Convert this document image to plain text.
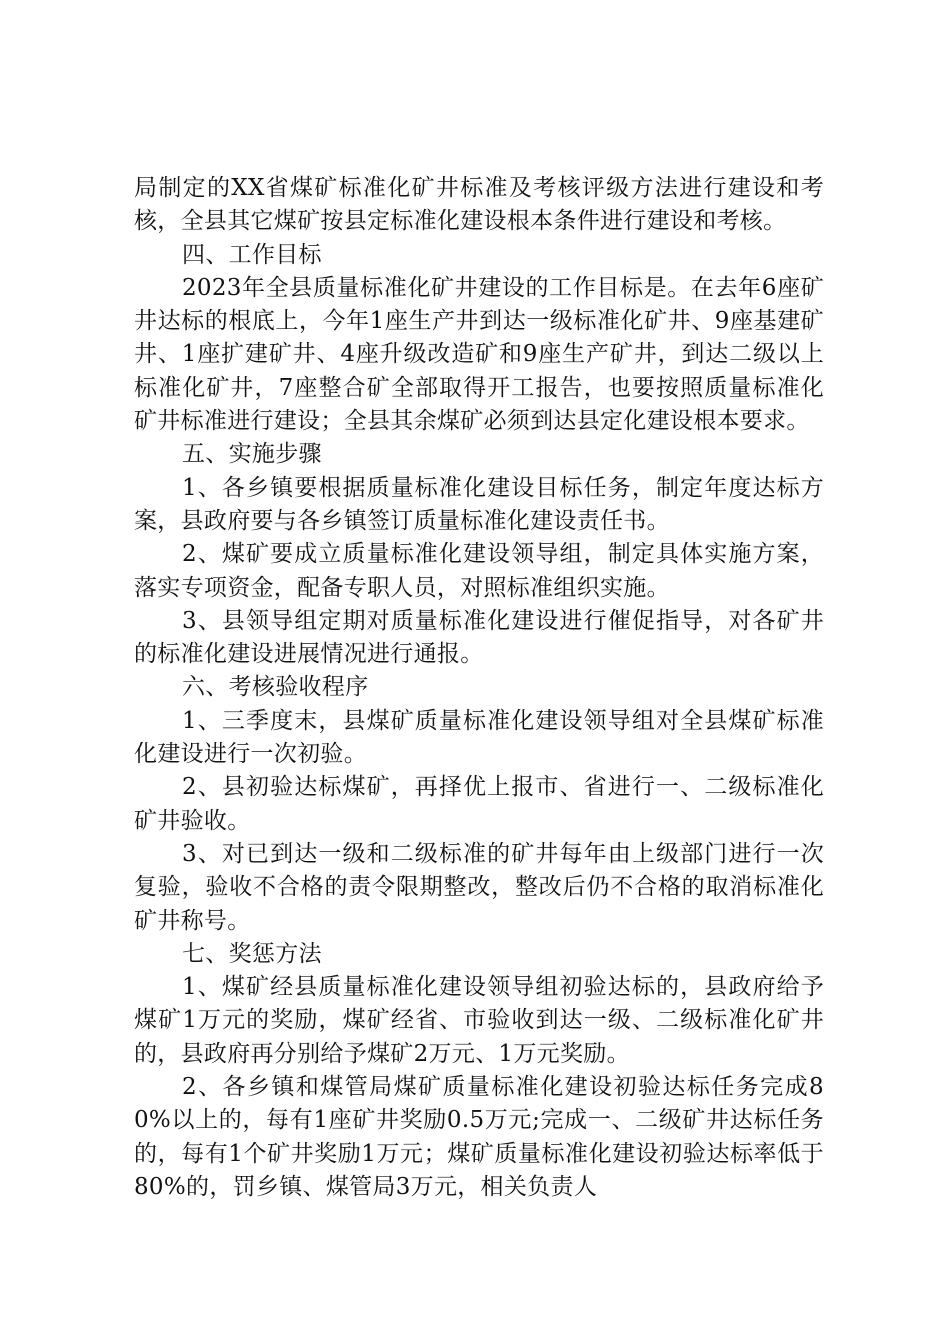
局制定的XX省煤矿标准化矿井标准及考核评级方法进行建设和考核，全县其它煤矿按县定标准化建设根本条件进行建设和考核。

四、工作目标

2023年全县质量标准化矿井建设的工作目标是。在去年6座矿井达标的根底上，今年1座生产井到达一级标准化矿井、9座基建矿井、1座扩建矿井、4座升级改造矿和9座生产矿井，到达二级以上标准化矿井，7座整合矿全部取得开工报告，也要按照质量标准化矿井标准进行建设；全县其余煤矿必须到达县定化建设根本要求。

五、实施步骤

1、各乡镇要根据质量标准化建设目标任务，制定年度达标方案，县政府要与各乡镇签订质量标准化建设责任书。

2、煤矿要成立质量标准化建设领导组，制定具体实施方案，落实专项资金，配备专职人员，对照标准组织实施。

3、县领导组定期对质量标准化建设进行催促指导，对各矿井的标准化建设进展情况进行通报。

六、考核验收程序

1、三季度末，县煤矿质量标准化建设领导组对全县煤矿标准化建设进行一次初验。

2、县初验达标煤矿，再择优上报市、省进行一、二级标准化矿井验收。

3、对已到达一级和二级标准的矿井每年由上级部门进行一次复验，验收不合格的责令限期整改，整改后仍不合格的取消标准化矿井称号。

七、奖惩方法

1、煤矿经县质量标准化建设领导组初验达标的，县政府给予煤矿1万元的奖励，煤矿经省、市验收到达一级、二级标准化矿井的，县政府再分别给予煤矿2万元、1万元奖励。

2、各乡镇和煤管局煤矿质量标准化建设初验达标任务完成80%以上的，每有1座矿井奖励0.5万元;完成一、二级矿井达标任务的，每有1个矿井奖励1万元；煤矿质量标准化建设初验达标率低于80%的，罚乡镇、煤管局3万元，相关负责人
